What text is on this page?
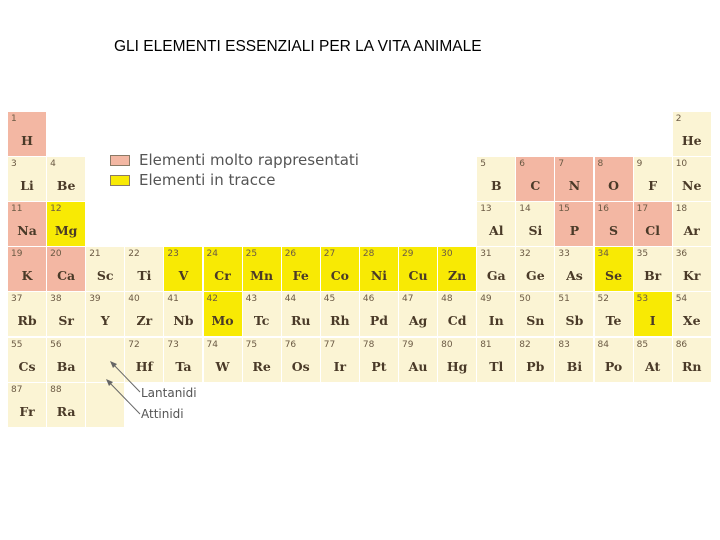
GLI ELEMENTI ESSENZIALI PER LA VITA ANIMALE
1
H
2
He
3
Li
4
Be
5
B
6
C
7
N
8
O
9
F
10
Ne
11
Na
12
Mg
13
Al
14
Si
15
P
16
S
17
Cl
18
Ar
19
K
20
Ca
21
Sc
22
Ti
23
V
24
Cr
25
Mn
26
Fe
27
Co
28
Ni
29
Cu
30
Zn
31
Ga
32
Ge
33
As
34
Se
35
Br
36
Kr
37
Rb
38
Sr
39
Y
40
Zr
41
Nb
42
Mo
43
Tc
44
Ru
45
Rh
46
Pd
47
Ag
48
Cd
49
In
50
Sn
51
Sb
52
Te
53
I
54
Xe
55
Cs
56
Ba
72
Hf
73
Ta
74
W
75
Re
76
Os
77
Ir
78
Pt
79
Au
80
Hg
81
Tl
82
Pb
83
Bi
84
Po
85
At
86
Rn
87
Fr
88
Ra
Elementi molto rappresentati
Elementi in tracce
Lantanidi
Attinidi
